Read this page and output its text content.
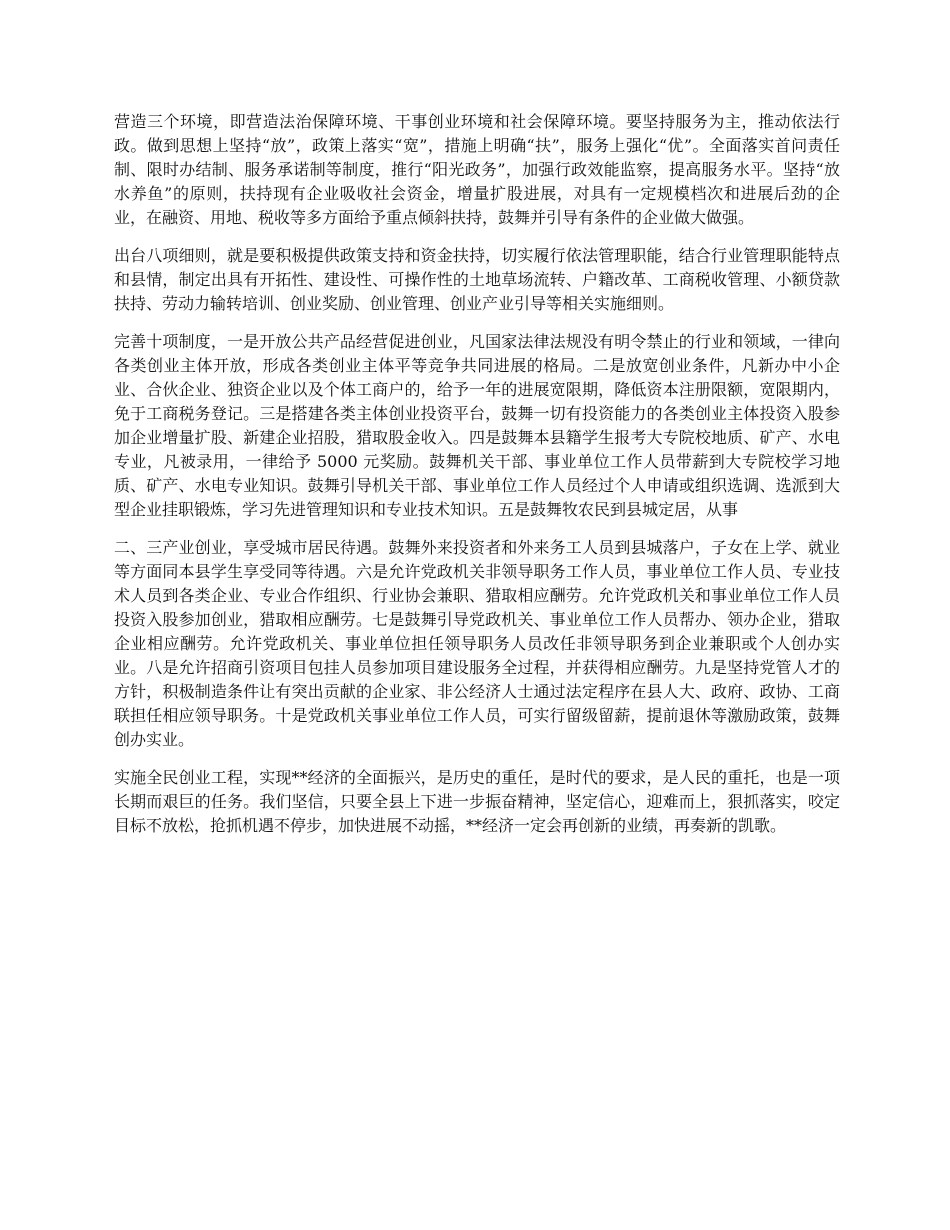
营造三个环境，即营造法治保障环境、干事创业环境和社会保障环境。要坚持服务为主，推动依法行政。做到思想上坚持“放”，政策上落实“宽”，措施上明确“扶”，服务上强化“优”。全面落实首问责任制、限时办结制、服务承诺制等制度，推行“阳光政务”，加强行政效能监察，提高服务水平。坚持“放水养鱼”的原则，扶持现有企业吸收社会资金，增量扩股进展，对具有一定规模档次和进展后劲的企业，在融资、用地、税收等多方面给予重点倾斜扶持，鼓舞并引导有条件的企业做大做强。

出台八项细则，就是要积极提供政策支持和资金扶持，切实履行依法管理职能，结合行业管理职能特点和县情，制定出具有开拓性、建设性、可操作性的土地草场流转、户籍改革、工商税收管理、小额贷款扶持、劳动力输转培训、创业奖励、创业管理、创业产业引导等相关实施细则。

完善十项制度，一是开放公共产品经营促进创业，凡国家法律法规没有明令禁止的行业和领域，一律向各类创业主体开放，形成各类创业主体平等竞争共同进展的格局。二是放宽创业条件，凡新办中小企业、合伙企业、独资企业以及个体工商户的，给予一年的进展宽限期，降低资本注册限额，宽限期内，免于工商税务登记。三是搭建各类主体创业投资平台，鼓舞一切有投资能力的各类创业主体投资入股参加企业增量扩股、新建企业招股，猎取股金收入。四是鼓舞本县籍学生报考大专院校地质、矿产、水电专业，凡被录用，一律给予 5000 元奖励。鼓舞机关干部、事业单位工作人员带薪到大专院校学习地质、矿产、水电专业知识。鼓舞引导机关干部、事业单位工作人员经过个人申请或组织选调、选派到大型企业挂职锻炼，学习先进管理知识和专业技术知识。五是鼓舞牧农民到县城定居，从事

二、三产业创业，享受城市居民待遇。鼓舞外来投资者和外来务工人员到县城落户，子女在上学、就业等方面同本县学生享受同等待遇。六是允许党政机关非领导职务工作人员，事业单位工作人员、专业技术人员到各类企业、专业合作组织、行业协会兼职、猎取相应酬劳。允许党政机关和事业单位工作人员投资入股参加创业，猎取相应酬劳。七是鼓舞引导党政机关、事业单位工作人员帮办、领办企业，猎取企业相应酬劳。允许党政机关、事业单位担任领导职务人员改任非领导职务到企业兼职或个人创办实业。八是允许招商引资项目包挂人员参加项目建设服务全过程，并获得相应酬劳。九是坚持党管人才的方针，积极制造条件让有突出贡献的企业家、非公经济人士通过法定程序在县人大、政府、政协、工商联担任相应领导职务。十是党政机关事业单位工作人员，可实行留级留薪，提前退休等激励政策，鼓舞创办实业。

实施全民创业工程，实现**经济的全面振兴，是历史的重任，是时代的要求，是人民的重托，也是一项长期而艰巨的任务。我们坚信，只要全县上下进一步振奋精神，坚定信心，迎难而上，狠抓落实，咬定目标不放松，抢抓机遇不停步，加快进展不动摇，**经济一定会再创新的业绩，再奏新的凯歌。
